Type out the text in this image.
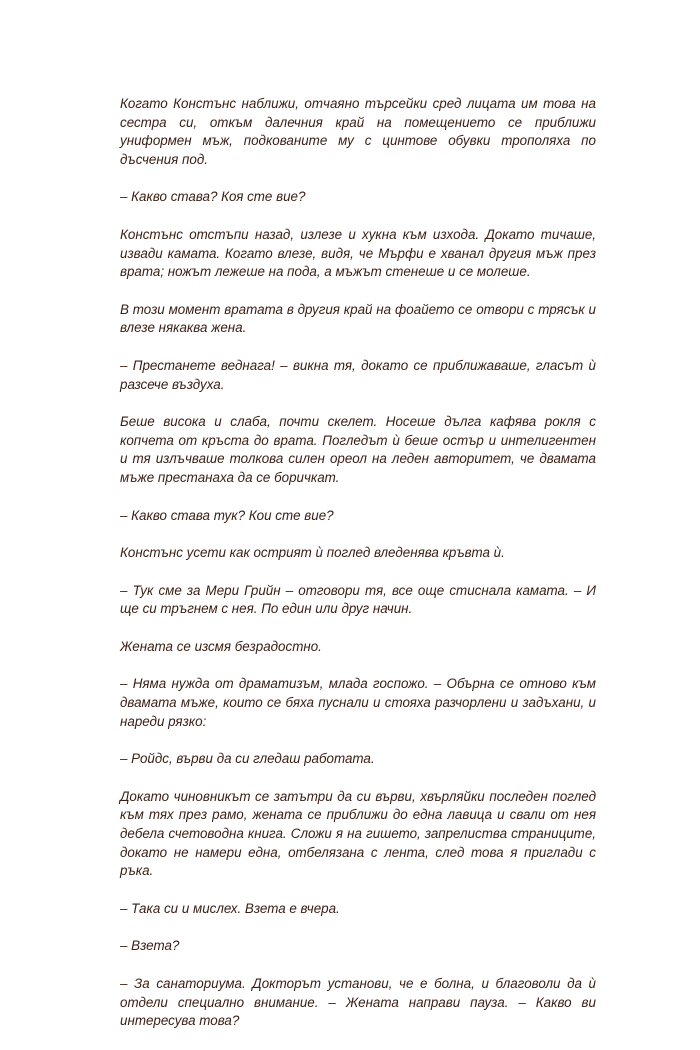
Когато Констънс наближи, отчаяно търсейки сред лицата им това на сестра си, откъм далечния край на помещението се приближи униформен мъж, подкованите му с цинтове обувки трополяха по дъсчения под.

– Какво става? Коя сте вие?

Констънс отстъпи назад, излезе и хукна към изхода. Докато тичаше, извади камата. Когато влезе, видя, че Мърфи е хванал другия мъж през врата; ножът лежеше на пода, а мъжът стенеше и се молеше.

В този момент вратата в другия край на фоайето се отвори с трясък и влезе някаква жена.

– Престанете веднага! – викна тя, докато се приближаваше, гласът ѝ разсече въздуха.

Беше висока и слаба, почти скелет. Носеше дълга кафява рокля с копчета от кръста до врата. Погледът ѝ беше остър и интелигентен и тя излъчваше толкова силен ореол на леден авторитет, че двамата мъже престанаха да се боричкат.

– Какво става тук? Кои сте вие?

Констънс усети как острият ѝ поглед вледенява кръвта ѝ.

– Тук сме за Мери Грийн – отговори тя, все още стиснала камата. – И ще си тръгнем с нея. По един или друг начин.

Жената се изсмя безрадостно.

– Няма нужда от драматизъм, млада госпожо. – Обърна се отново към двамата мъже, които се бяха пуснали и стояха разчорлени и задъхани, и нареди рязко:

– Ройдс, върви да си гледаш работата.

Докато чиновникът се затътри да си върви, хвърляйки последен поглед към тях през рамо, жената се приближи до една лавица и свали от нея дебела счетоводна книга. Сложи я на гишето, запрелиства страниците, докато не намери една, отбелязана с лента, след това я приглади с ръка.

– Така си и мислех. Взета е вчера.

– Взета?

– За санаториума. Докторът установи, че е болна, и благоволи да ѝ отдели специално внимание. – Жената направи пауза. – Какво ви интересува това?
